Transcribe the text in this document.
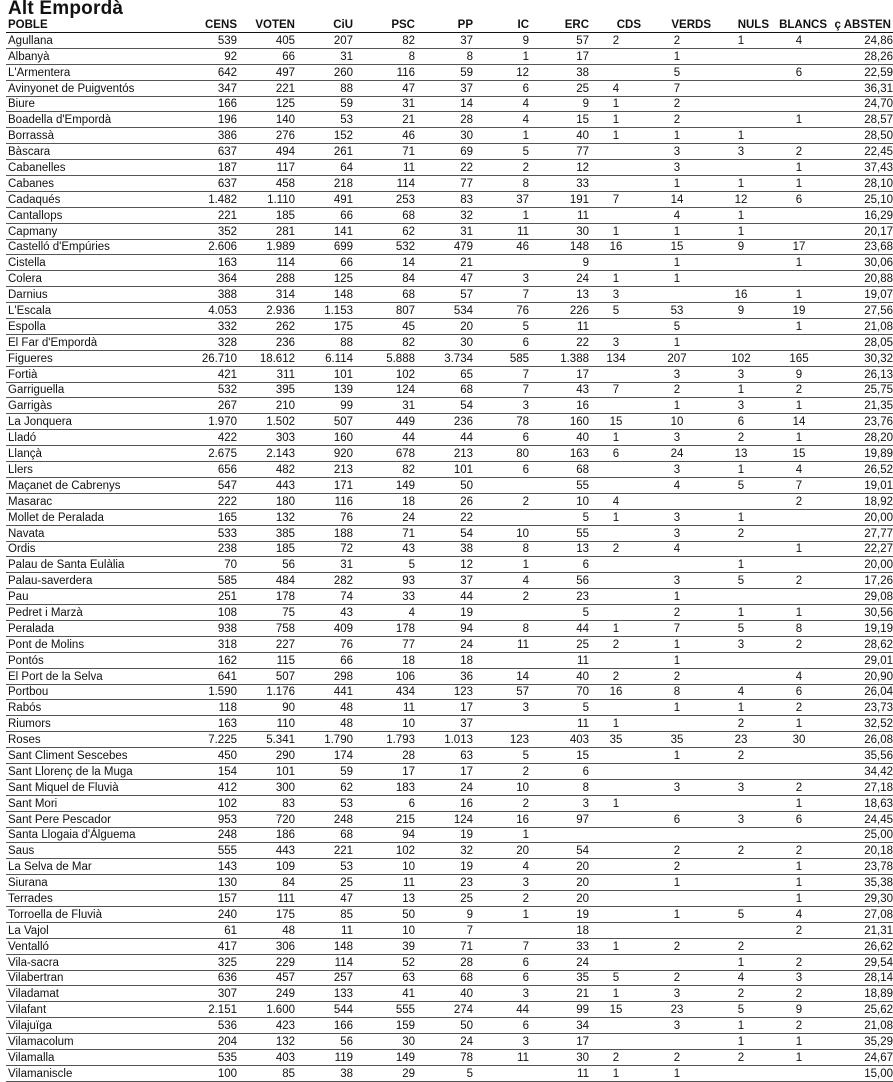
Alt Empordà
POBLE	CENS	VOTEN	CiU	PSC	PP	IC	ERC	CDS	VERDS	NULS	BLANCS	ç ABSTEN
Agullana	539	405	207	82	37	9	57	2	2	1	4	24,86
Albanyà	92	66	31	8	8	1	17		1			28,26
L'Armentera	642	497	260	116	59	12	38		5		6	22,59
Avinyonet de Puigventós	347	221	88	47	37	6	25	4	7			36,31
Biure	166	125	59	31	14	4	9	1	2			24,70
Boadella d'Empordà	196	140	53	21	28	4	15	1	2		1	28,57
Borrassà	386	276	152	46	30	1	40	1	1	1		28,50
Bàscara	637	494	261	71	69	5	77		3	3	2	22,45
Cabanelles	187	117	64	11	22	2	12		3		1	37,43
Cabanes	637	458	218	114	77	8	33		1	1	1	28,10
Cadaqués	1.482	1.110	491	253	83	37	191	7	14	12	6	25,10
Cantallops	221	185	66	68	32	1	11		4	1		16,29
Capmany	352	281	141	62	31	11	30	1	1	1		20,17
Castelló d'Empúries	2.606	1.989	699	532	479	46	148	16	15	9	17	23,68
Cistella	163	114	66	14	21		9		1		1	30,06
Colera	364	288	125	84	47	3	24	1	1			20,88
Darnius	388	314	148	68	57	7	13	3		16	1	19,07
L'Escala	4.053	2.936	1.153	807	534	76	226	5	53	9	19	27,56
Espolla	332	262	175	45	20	5	11		5		1	21,08
El Far d'Empordà	328	236	88	82	30	6	22	3	1			28,05
Figueres	26.710	18.612	6.114	5.888	3.734	585	1.388	134	207	102	165	30,32
Fortià	421	311	101	102	65	7	17		3	3	9	26,13
Garriguella	532	395	139	124	68	7	43	7	2	1	2	25,75
Garrigàs	267	210	99	31	54	3	16		1	3	1	21,35
La Jonquera	1.970	1.502	507	449	236	78	160	15	10	6	14	23,76
Lladó	422	303	160	44	44	6	40	1	3	2	1	28,20
Llançà	2.675	2.143	920	678	213	80	163	6	24	13	15	19,89
Llers	656	482	213	82	101	6	68		3	1	4	26,52
Maçanet de Cabrenys	547	443	171	149	50		55		4	5	7	19,01
Masarac	222	180	116	18	26	2	10	4			2	18,92
Mollet de Peralada	165	132	76	24	22		5	1	3	1		20,00
Navata	533	385	188	71	54	10	55		3	2		27,77
Ordis	238	185	72	43	38	8	13	2	4		1	22,27
Palau de Santa Eulàlia	70	56	31	5	12	1	6			1		20,00
Palau-saverdera	585	484	282	93	37	4	56		3	5	2	17,26
Pau	251	178	74	33	44	2	23		1			29,08
Pedret i Marzà	108	75	43	4	19		5		2	1	1	30,56
Peralada	938	758	409	178	94	8	44	1	7	5	8	19,19
Pont de Molins	318	227	76	77	24	11	25	2	1	3	2	28,62
Pontós	162	115	66	18	18		11		1			29,01
El Port de la Selva	641	507	298	106	36	14	40	2	2		4	20,90
Portbou	1.590	1.176	441	434	123	57	70	16	8	4	6	26,04
Rabós	118	90	48	11	17	3	5		1	1	2	23,73
Riumors	163	110	48	10	37		11	1		2	1	32,52
Roses	7.225	5.341	1.790	1.793	1.013	123	403	35	35	23	30	26,08
Sant Climent Sescebes	450	290	174	28	63	5	15		1	2		35,56
Sant Llorenç de la Muga	154	101	59	17	17	2	6					34,42
Sant Miquel de Fluvià	412	300	62	183	24	10	8		3	3	2	27,18
Sant Mori	102	83	53	6	16	2	3	1			1	18,63
Sant Pere Pescador	953	720	248	215	124	16	97		6	3	6	24,45
Santa Llogaia d'Àlguema	248	186	68	94	19	1						25,00
Saus	555	443	221	102	32	20	54		2	2	2	20,18
La Selva de Mar	143	109	53	10	19	4	20		2		1	23,78
Siurana	130	84	25	11	23	3	20		1		1	35,38
Terrades	157	111	47	13	25	2	20				1	29,30
Torroella de Fluvià	240	175	85	50	9	1	19		1	5	4	27,08
La Vajol	61	48	11	10	7		18				2	21,31
Ventalló	417	306	148	39	71	7	33	1	2	2		26,62
Vila-sacra	325	229	114	52	28	6	24			1	2	29,54
Vilabertran	636	457	257	63	68	6	35	5	2	4	3	28,14
Viladamat	307	249	133	41	40	3	21	1	3	2	2	18,89
Vilafant	2.151	1.600	544	555	274	44	99	15	23	5	9	25,62
Vilajuïga	536	423	166	159	50	6	34		3	1	2	21,08
Vilamacolum	204	132	56	30	24	3	17			1	1	35,29
Vilamalla	535	403	119	149	78	11	30	2	2	2	1	24,67
Vilamaniscle	100	85	38	29	5		11	1	1			15,00
